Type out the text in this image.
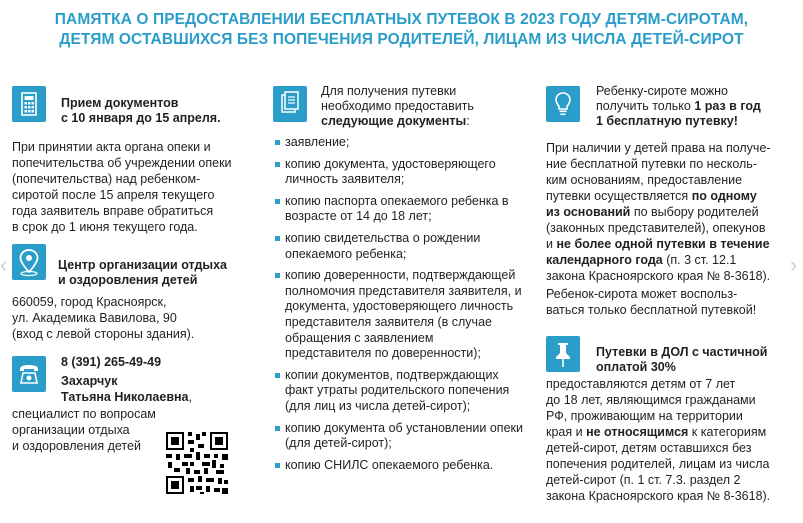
ПАМЯТКА О ПРЕДОСТАВЛЕНИИ БЕСПЛАТНЫХ ПУТЕВОК В 2023 ГОДУ ДЕТЯМ-СИРОТАМ,
ДЕТЯМ ОСТАВШИХСЯ БЕЗ ПОПЕЧЕНИЯ РОДИТЕЛЕЙ, ЛИЦАМ ИЗ ЧИСЛА ДЕТЕЙ-СИРОТ
‹	›
Прием документов
с 10 января до 15 апреля.
При принятии акта органа опеки и
попечительства об учреждении опеки
(попечительства) над ребенком-
сиротой после 15 апреля текущего
года заявитель вправе обратиться
в срок до 1 июня текущего года.
Центр организации отдыха
и оздоровления детей
660059, город Красноярск,
ул. Академика Вавилова, 90
(вход с левой стороны здания).
8 (391) 265-49-49
Захарчук
Татьяна Николаевна,
специалист по вопросам
организации отдыха
и оздоровления детей
Для получения путевки
необходимо предоставить
следующие документы:
заявление;
копию документа, удостоверяющего личность заявителя;
копию паспорта опекаемого ребенка в возрасте от 14 до 18 лет;
копию свидетельства о рождении опекаемого ребенка;
копию доверенности, подтверждающей полномочия представителя заявителя, и документа, удостоверяющего личность представителя заявителя (в случае обращения с заявлением представителя по доверенности);
копии документов, подтверждающих факт утраты родительского попечения (для лиц из числа детей-сирот);
копию документа об установлении опеки (для детей-сирот);
копию СНИЛС опекаемого ребенка.
Ребенку-сироте можно
получить только 1 раз в год
1 бесплатную путевку!
При наличии у детей права на получе-
ние бесплатной путевки по несколь-
ким основаниям, предоставление
путевки осуществляется по одному
из оснований по выбору родителей
(законных представителей), опекунов
и не более одной путевки в течение
календарного года (п. 3 ст. 12.1
закона Красноярского края № 8-3618).
Ребенок-сирота может воспольз-
ваться только бесплатной путевкой!
Путевки в ДОЛ с частичной
оплатой 30%
предоставляются детям от 7 лет
до 18 лет, являющимся гражданами
РФ, проживающим на территории
края и не относящимся к категориям
детей-сирот, детям оставшихся без
попечения родителей, лицам из числа
детей-сирот (п. 1 ст. 7.3. раздел 2
закона Красноярского края № 8-3618).
